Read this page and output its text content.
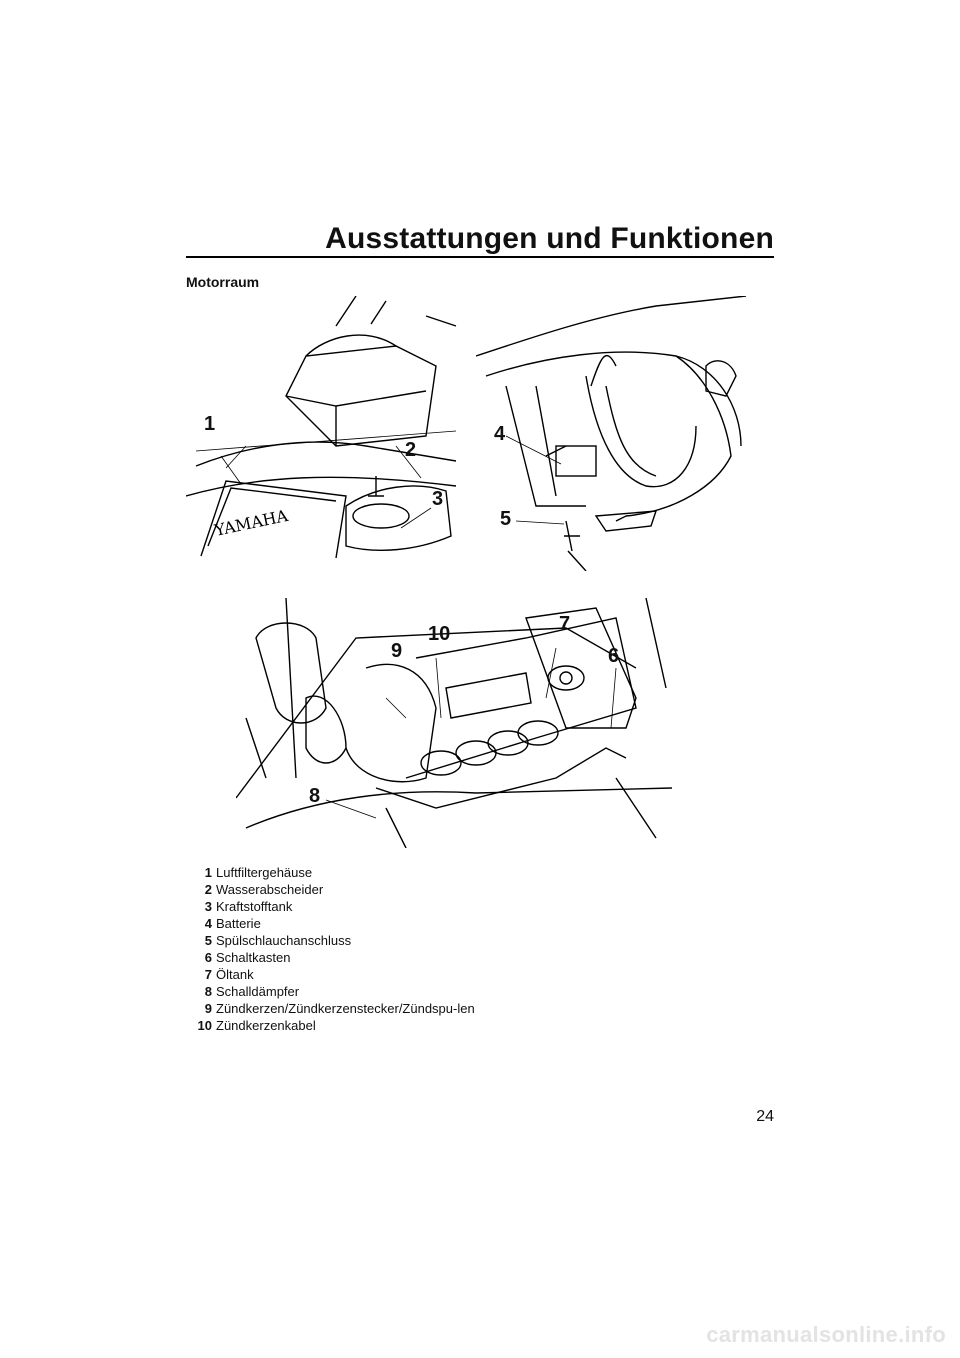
Ausstattungen und Funktionen
Motorraum
YAMAHA
1
2
3
4
5
7
10
9	6
8
1 Luftfiltergehäuse
2 Wasserabscheider
3 Kraftstofftank
4 Batterie
5 Spülschlauchanschluss
6 Schaltkasten
7 Öltank
8 Schalldämpfer
9 Zündkerzen/Zündkerzenstecker/Zündspu-len
10 Zündkerzenkabel
24
carmanualsonline.info
